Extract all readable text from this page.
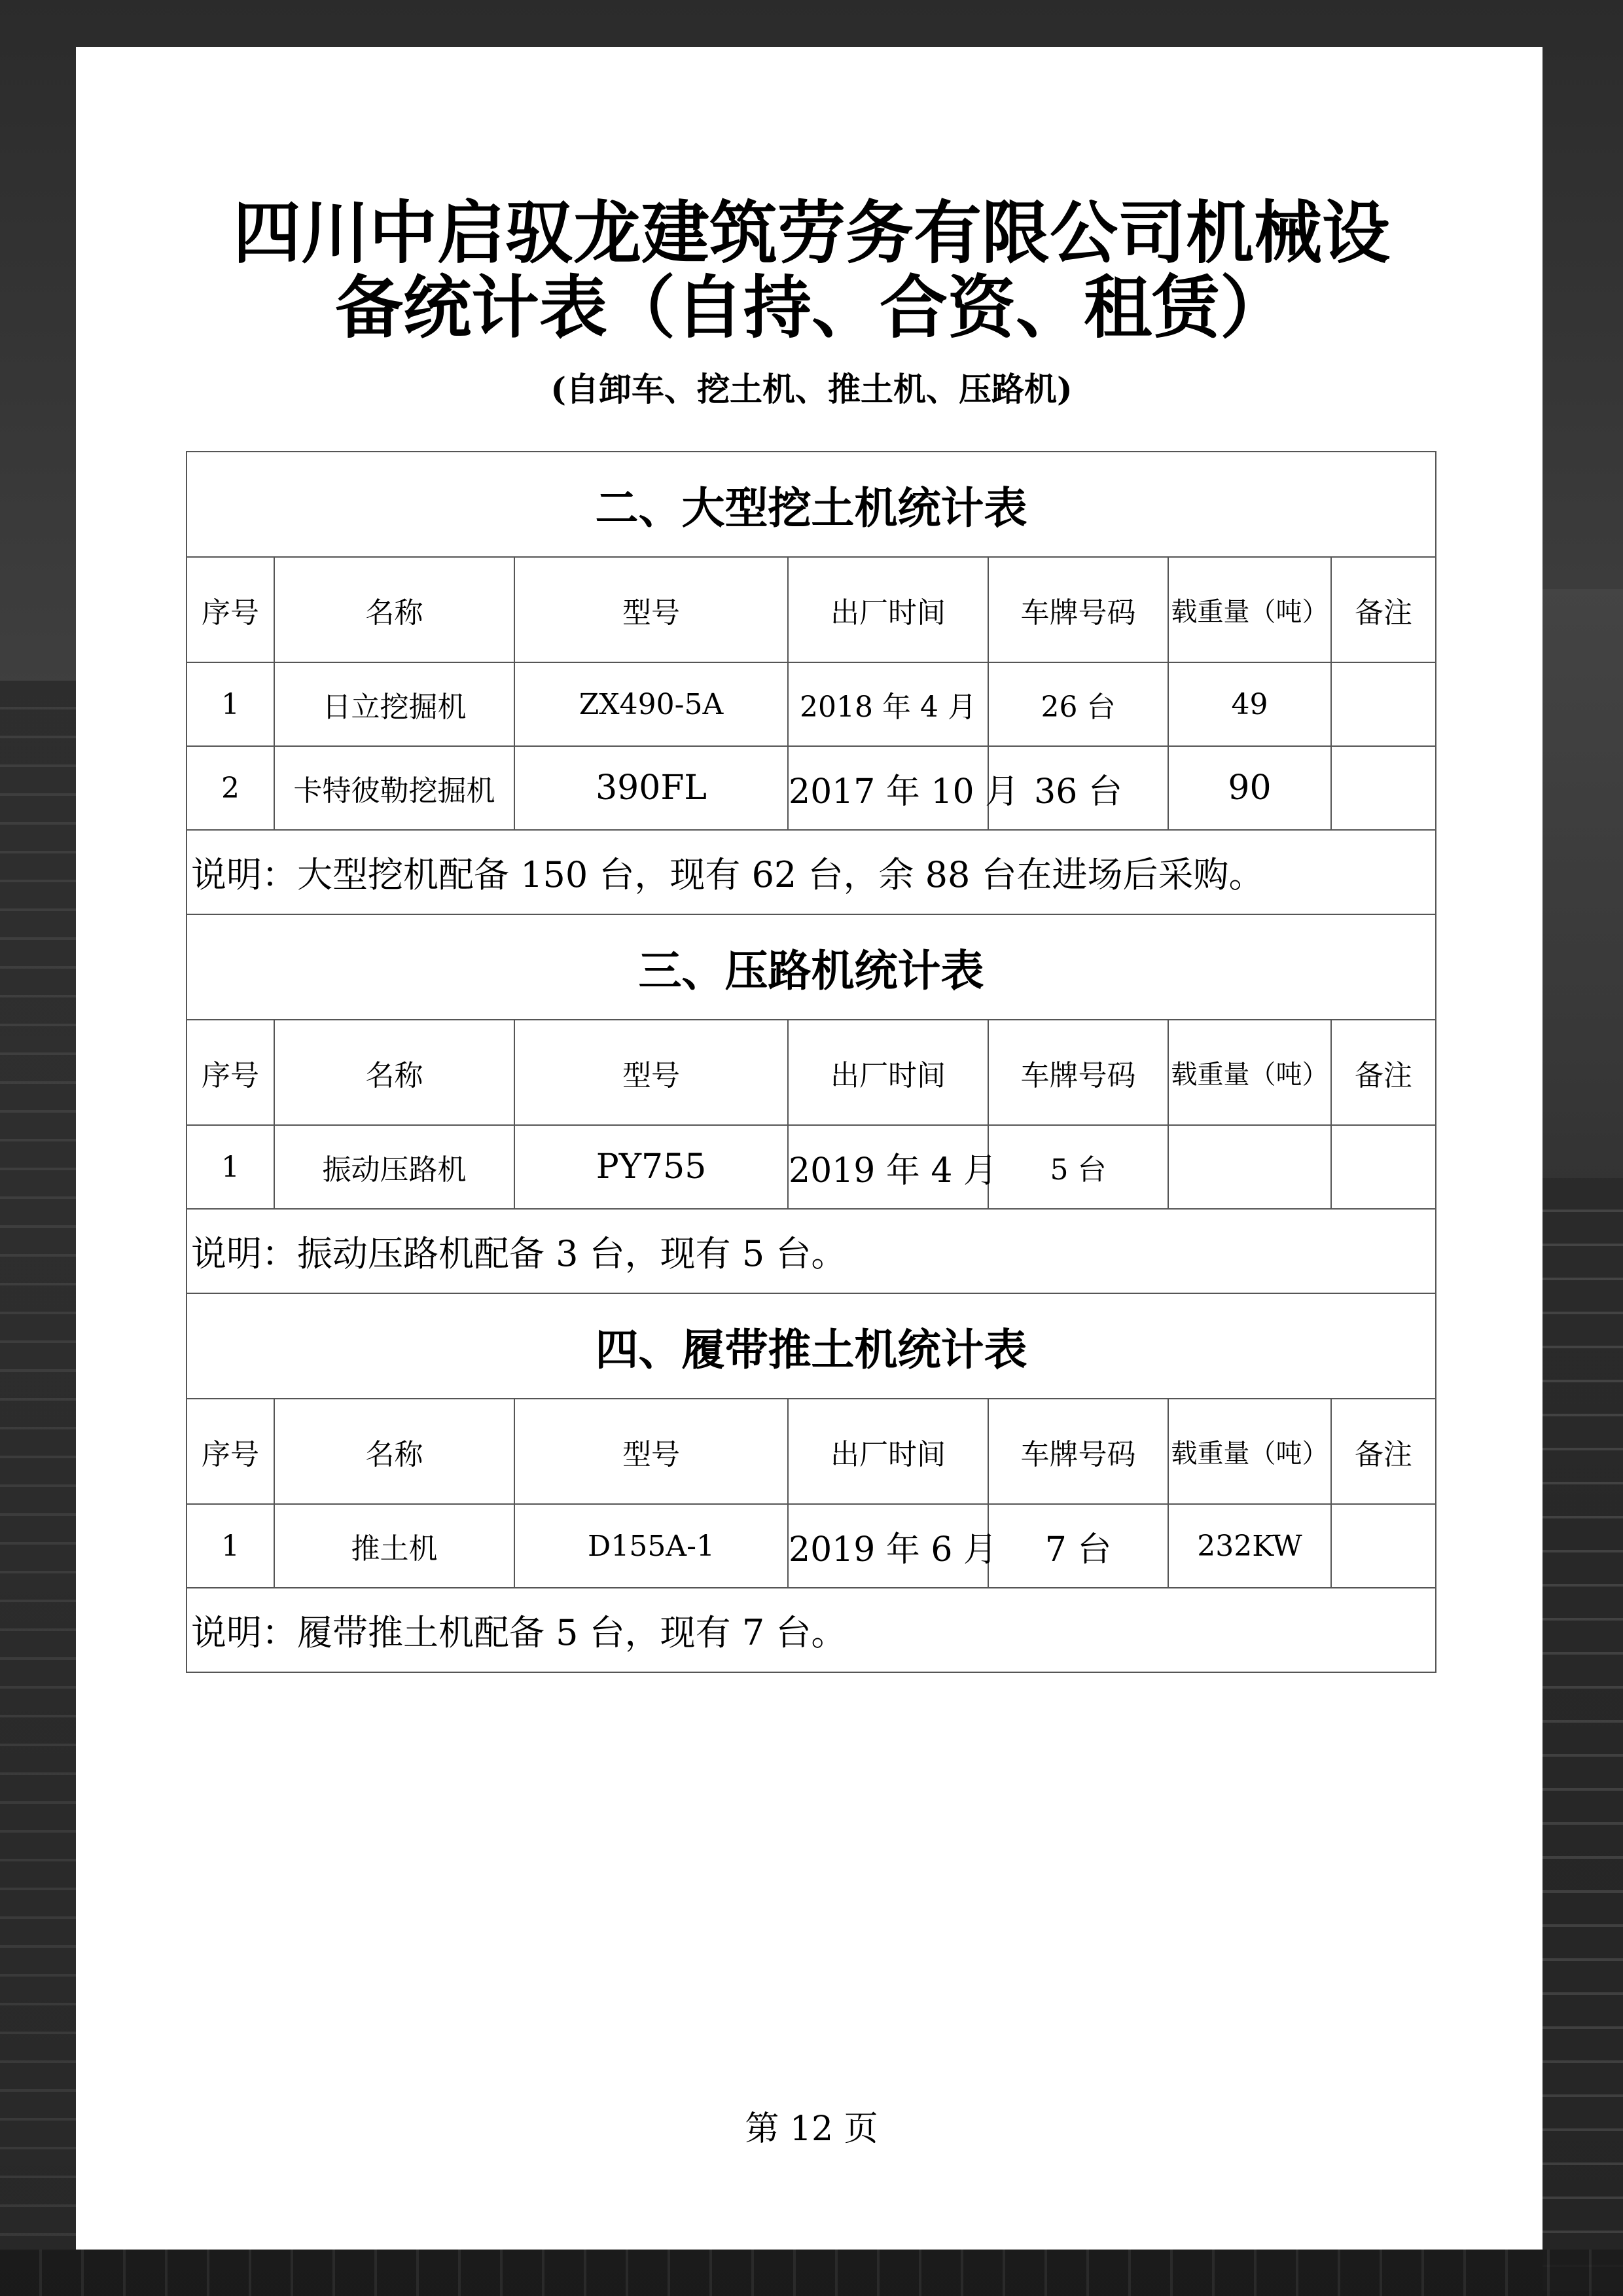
四川中启驭龙建筑劳务有限公司机械设
备统计表（自持、合资、租赁）
(自卸车、挖土机、推土机、压路机)
二、大型挖土机统计表						
序号	名称	型号	出厂时间	车牌号码	载重量（吨）	备注
1	日立挖掘机	ZX490-5A	2018 年 4 月	26 台	49	
2	卡特彼勒挖掘机	390FL	2017 年 10 月	36 台	90	
说明：大型挖机配备 150 台，现有 62 台，余 88 台在进场后采购。						
三、压路机统计表						
序号	名称	型号	出厂时间	车牌号码	载重量（吨）	备注
1	振动压路机	PY755	2019 年 4 月	5 台		
说明：振动压路机配备 3 台，现有 5 台。						
四、履带推土机统计表						
序号	名称	型号	出厂时间	车牌号码	载重量（吨）	备注
1	推土机	D155A-1	2019 年 6 月	7 台	232KW	
说明：履带推土机配备 5 台，现有 7 台。						
第 12 页
